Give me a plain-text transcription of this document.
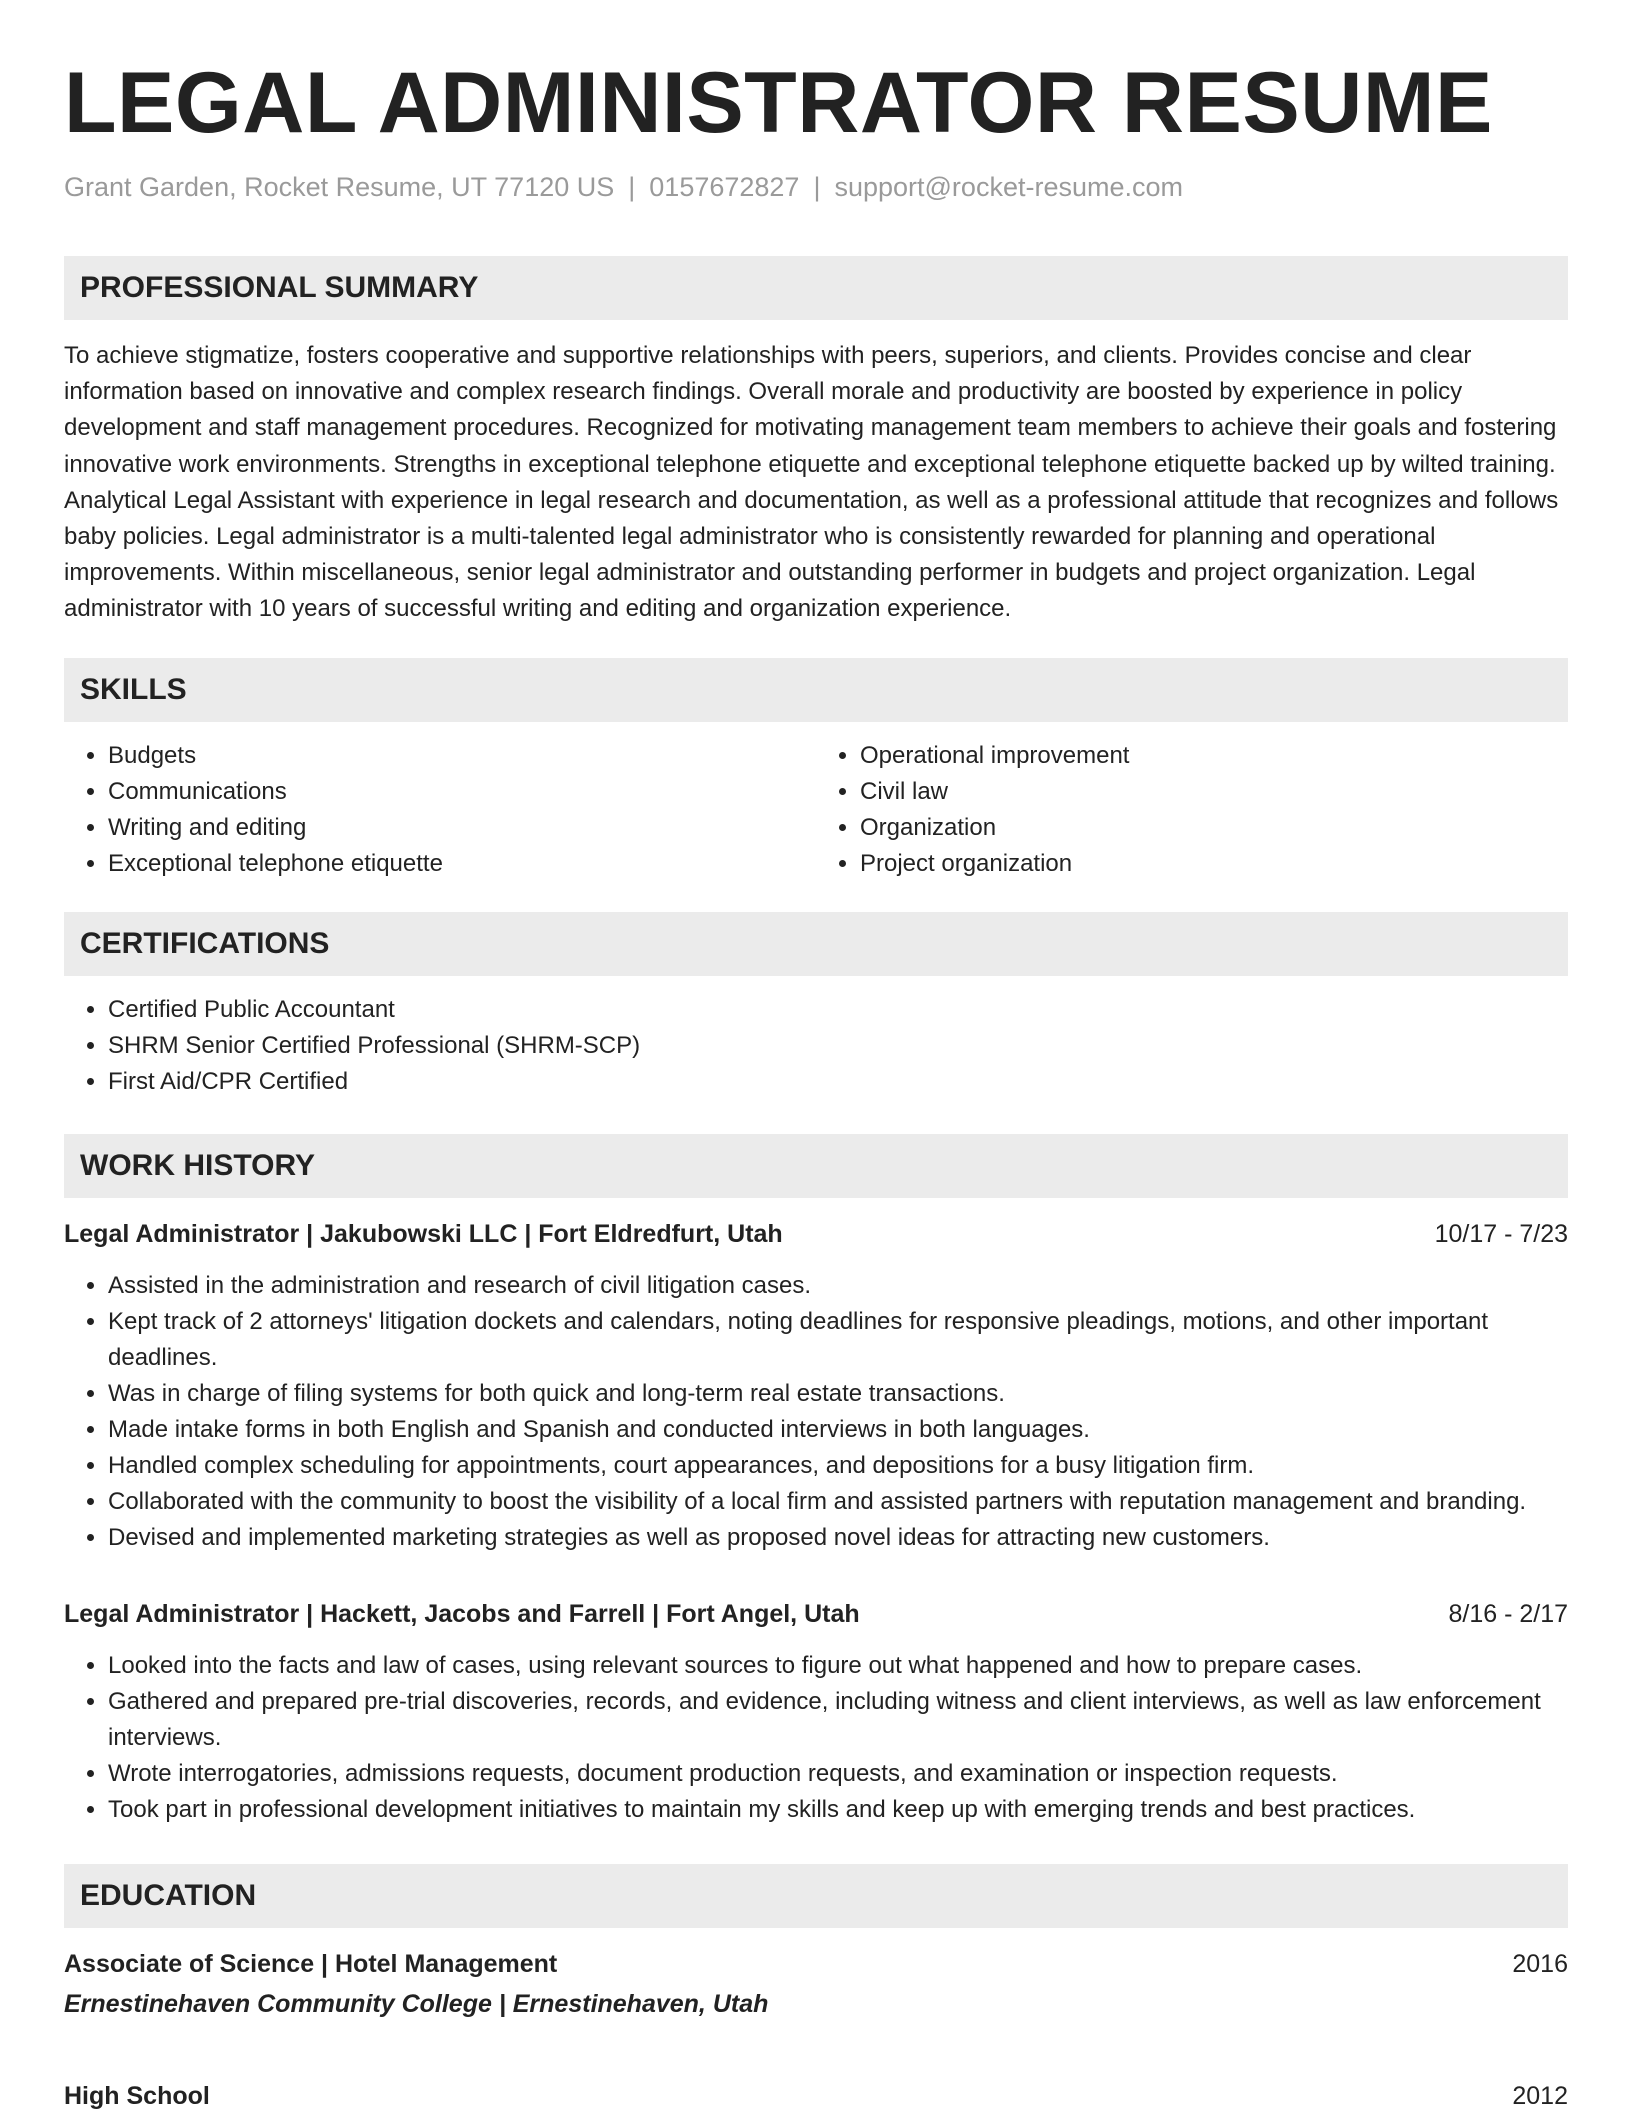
LEGAL ADMINISTRATOR RESUME
Grant Garden, Rocket Resume, UT 77120 US | 0157672827 | support@rocket-resume.com
PROFESSIONAL SUMMARY

To achieve stigmatize, fosters cooperative and supportive relationships with peers, superiors, and clients. Provides concise and clear information based on innovative and complex research findings. Overall morale and productivity are boosted by experience in policy development and staff management procedures. Recognized for motivating management team members to achieve their goals and fostering innovative work environments. Strengths in exceptional telephone etiquette and exceptional telephone etiquette backed up by wilted training. Analytical Legal Assistant with experience in legal research and documentation, as well as a professional attitude that recognizes and follows baby policies. Legal administrator is a multi-talented legal administrator who is consistently rewarded for planning and operational improvements. Within miscellaneous, senior legal administrator and outstanding performer in budgets and project organization. Legal administrator with 10 years of successful writing and editing and organization experience.

SKILLS
• Budgets
• Communications
• Writing and editing
• Exceptional telephone etiquette
• Operational improvement
• Civil law
• Organization
• Project organization
CERTIFICATIONS
• Certified Public Accountant
• SHRM Senior Certified Professional (SHRM-SCP)
• First Aid/CPR Certified
WORK HISTORY
Legal Administrator | Jakubowski LLC | Fort Eldredfurt, Utah	10/17 - 7/23
• Assisted in the administration and research of civil litigation cases.
• Kept track of 2 attorneys' litigation dockets and calendars, noting deadlines for responsive pleadings, motions, and other important deadlines.
• Was in charge of filing systems for both quick and long-term real estate transactions.
• Made intake forms in both English and Spanish and conducted interviews in both languages.
• Handled complex scheduling for appointments, court appearances, and depositions for a busy litigation firm.
• Collaborated with the community to boost the visibility of a local firm and assisted partners with reputation management and branding.
• Devised and implemented marketing strategies as well as proposed novel ideas for attracting new customers.
Legal Administrator | Hackett, Jacobs and Farrell | Fort Angel, Utah	8/16 - 2/17
• Looked into the facts and law of cases, using relevant sources to figure out what happened and how to prepare cases.
• Gathered and prepared pre-trial discoveries, records, and evidence, including witness and client interviews, as well as law enforcement interviews.
• Wrote interrogatories, admissions requests, document production requests, and examination or inspection requests.
• Took part in professional development initiatives to maintain my skills and keep up with emerging trends and best practices.
EDUCATION
Associate of Science | Hotel Management	2016
Ernestinehaven Community College | Ernestinehaven, Utah
High School	2012
